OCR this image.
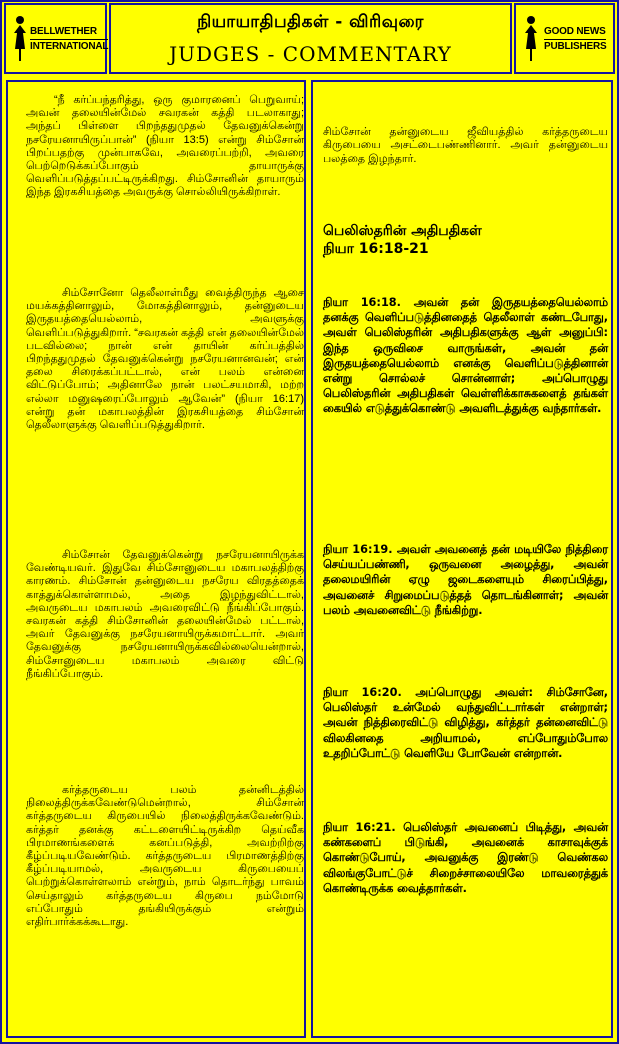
BELLWETHER
INTERNATIONAL
நியாயாதிபதிகள் - விரிவுரை
JUDGES - COMMENTARY
GOOD NEWS
PUBLISHERS

“நீ கர்ப்பந்தரித்து, ஒரு குமாரனைப் பெறுவாய்; அவன் தலையின்மேல் சவரகன் கத்தி படலாகாது; அந்தப் பிள்ளை பிறந்ததுமுதல் தேவனுக்கென்று நசரேயனாயிருப்பான்” (நியா 13:5) என்று சிம்சோன் பிறப்பதற்கு முன்பாகவே, அவரைப்பற்றி, அவரை பெற்றெடுக்கப்போகும் தாயாருக்கு வெளிப்படுத்தப்பட்டிருக்கிறது. சிம்சோனின் தாயாரும் இந்த இரகசியத்தை அவருக்கு சொல்லியிருக்கிறாள்.

சிம்சோனோ தெலீலாள்மீது வைத்திருந்த ஆசை மயக்கத்தினாலும், மோகத்தினாலும், தன்னுடைய இருதயத்தையெல்லாம், அவளுக்கு வெளிப்படுத்துகிறார். “சவரகன் கத்தி என் தலையின்மேல் படவில்லை; நான் என் தாயின் கர்ப்பத்தில் பிறந்ததுமுதல் தேவனுக்கென்று நசரேயனானவன்; என் தலை சிரைக்கப்பட்டால், என் பலம் என்னை விட்டுப்போம்; அதினாலே நான் பலட்சயமாகி, மற்ற எல்லா மனுஷரைப்போலும் ஆவேன்” (நியா 16:17) என்று தன் மகாபலத்தின் இரகசியத்தை சிம்சோன் தெலீலாளுக்கு வெளிப்படுத்துகிறார்.

சிம்சோன் தேவனுக்கென்று நசரேயனாயிருக்க வேண்டியவர். இதுவே சிம்சோனுடைய மகாபலத்திற்கு காரணம். சிம்சோன் தன்னுடைய நசரேய விரதத்தைக் காத்துக்கொள்ளாமல், அதை இழந்துவிட்டால், அவருடைய மகாபலம் அவரைவிட்டு நீங்கிப்போகும். சவரகன் கத்தி சிம்சோனின் தலையின்மேல் பட்டால், அவர் தேவனுக்கு நசரேயனாயிருக்கமாட்டார். அவர் தேவனுக்கு நசரேயனாயிருக்கவில்லையென்றால், சிம்சோனுடைய மகாபலம் அவரை விட்டு நீங்கிப்போகும்.

கர்த்தருடைய பலம் தன்னிடத்தில் நிலைத்திருக்கவேண்டுமென்றால், சிம்சோன் கர்த்தருடைய கிருபையில் நிலைத்திருக்கவேண்டும். கர்த்தர் தனக்கு கட்டளையிட்டிருக்கிற தெய்வீக பிரமாணங்களைக் கனப்படுத்தி, அவற்றிற்கு கீழ்ப்படியவேண்டும். கர்த்தருடைய பிரமாணத்திற்கு கீழ்ப்படியாமல், அவருடைய கிருபையைப் பெற்றுக்கொள்ளலாம் என்றும், நாம் தொடர்ந்து பாவம் செய்தாலும் கர்த்தருடைய கிருபை நம்மோடு எப்போதும் தங்கியிருக்கும் என்றும் எதிர்பார்க்கக்கூடாது.

சிம்சோன் தன்னுடைய ஜீவியத்தில் கர்த்தருடைய கிருபையை அசட்டைபண்ணினார். அவர் தன்னுடைய பலத்தை இழந்தார்.

பெலிஸ்தரின் அதிபதிகள்
நியா 16:18-21

நியா 16:18. அவன் தன் இருதயத்தையெல்லாம் தனக்கு வெளிப்படுத்தினதைத் தெலீலாள் கண்டபோது, அவள் பெலிஸ்தரின் அதிபதிகளுக்கு ஆள் அனுப்பி: இந்த ஒருவிசை வாருங்கள், அவன் தன் இருதயத்தையெல்லாம் எனக்கு வெளிப்படுத்தினான் என்று சொல்லச் சொன்னாள்; அப்பொழுது பெலிஸ்தரின் அதிபதிகள் வெள்ளிக்காசுகளைத் தங்கள் கையில் எடுத்துக்கொண்டு அவளிடத்துக்கு வந்தார்கள்.

நியா 16:19. அவள் அவனைத் தன் மடியிலே நித்திரை செய்யப்பண்ணி, ஒருவனை அழைத்து, அவன் தலைமயிரின் ஏழு ஜடைகளையும் சிரைப்பித்து, அவனைச் சிறுமைப்படுத்தத் தொடங்கினாள்; அவன் பலம் அவனைவிட்டு நீங்கிற்று.

நியா 16:20. அப்பொழுது அவள்: சிம்சோனே, பெலிஸ்தர் உன்மேல் வந்துவிட்டார்கள் என்றாள்; அவன் நித்திரைவிட்டு விழித்து, கர்த்தர் தன்னைவிட்டு விலகினதை அறியாமல், எப்போதும்போல உதறிப்போட்டு வெளியே போவேன் என்றான்.

நியா 16:21. பெலிஸ்தர் அவனைப் பிடித்து, அவன் கண்களைப் பிடுங்கி, அவனைக் காசாவுக்குக் கொண்டுபோய், அவனுக்கு இரண்டு வெண்கல விலங்குபோட்டுச் சிறைச்சாலையிலே மாவரைத்துக் கொண்டிருக்க வைத்தார்கள்.
